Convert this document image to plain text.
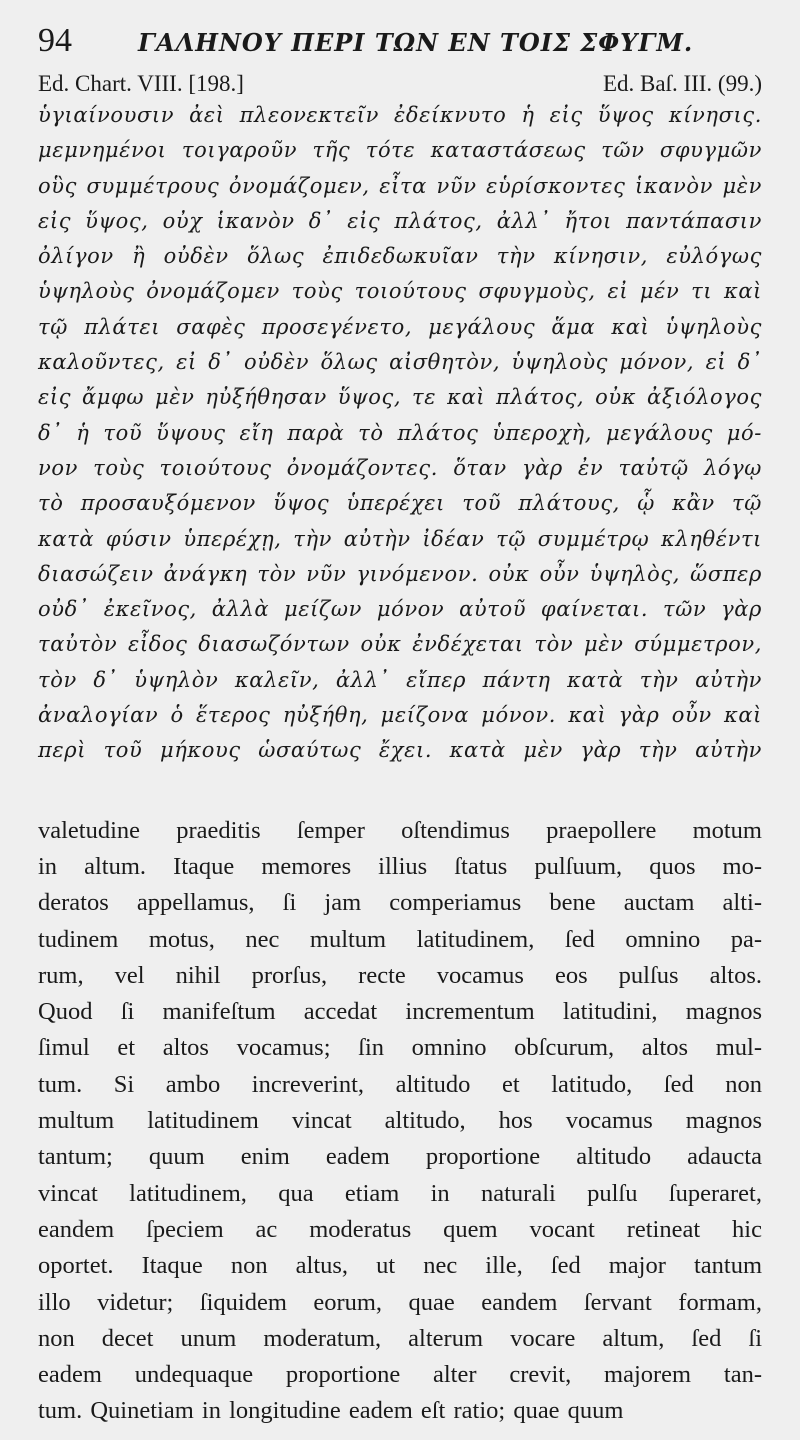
94	ΓΑΛΗΝΟΥ ΠΕΡΙ ΤΩΝ ΕΝ ΤΟΙΣ ΣΦΥΓΜ.
Ed. Chart. VIII. [198.]	Ed. Baſ. III. (99.)
ὑγιαίνουσιν ἀεὶ πλεονεκτεῖν ἐδείκνυτο ἡ εἰς ὕψος κίνησις.
μεμνημένοι τοιγαροῦν τῆς τότε καταστάσεως τῶν σφυγμῶν
οὓς συμμέτρους ὀνομάζομεν, εἶτα νῦν εὑρίσκοντες ἱκανὸν μὲν
εἰς ὕψος, οὐχ ἱκανὸν δ᾽ εἰς πλάτος, ἀλλ᾽ ἤτοι παντάπασιν
ὀλίγον ἢ οὐδὲν ὅλως ἐπιδεδωκυῖαν τὴν κίνησιν, εὐλόγως
ὑψηλοὺς ὀνομάζομεν τοὺς τοιούτους σφυγμοὺς, εἰ μέν τι καὶ
τῷ πλάτει σαφὲς προσεγένετο, μεγάλους ἅμα καὶ ὑψηλοὺς
καλοῦντες, εἰ δ᾽ οὐδὲν ὅλως αἰσθητὸν, ὑψηλοὺς μόνον, εἰ δ᾽
εἰς ἄμφω μὲν ηὐξήθησαν ὕψος, τε καὶ πλάτος, οὐκ ἀξιόλογος
δ᾽ ἡ τοῦ ὕψους εἴη παρὰ τὸ πλάτος ὑπεροχὴ, μεγάλους μό-
νον τοὺς τοιούτους ὀνομάζοντες. ὅταν γὰρ ἐν ταὐτῷ λόγῳ
τὸ προσαυξόμενον ὕψος ὑπερέχει τοῦ πλάτους, ᾧ κἂν τῷ
κατὰ φύσιν ὑπερέχῃ, τὴν αὐτὴν ἰδέαν τῷ συμμέτρῳ κληθέντι
διασώζειν ἀνάγκη τὸν νῦν γινόμενον. οὐκ οὖν ὑψηλὸς, ὥσπερ
οὐδ᾽ ἐκεῖνος, ἀλλὰ μείζων μόνον αὐτοῦ φαίνεται. τῶν γὰρ
ταὐτὸν εἶδος διασωζόντων οὐκ ἐνδέχεται τὸν μὲν σύμμετρον,
τὸν δ᾽ ὑψηλὸν καλεῖν, ἀλλ᾽ εἴπερ πάντη κατὰ τὴν αὐτὴν
ἀναλογίαν ὁ ἕτερος ηὐξήθη, μείζονα μόνον. καὶ γὰρ οὖν καὶ
περὶ τοῦ μήκους ὡσαύτως ἔχει. κατὰ μὲν γὰρ τὴν αὐτὴν
valetudine praeditis ſemper oſtendimus praepollere motum
in altum. Itaque memores illius ſtatus pulſuum, quos mo-
deratos appellamus, ſi jam comperiamus bene auctam alti-
tudinem motus, nec multum latitudinem, ſed omnino pa-
rum, vel nihil prorſus, recte vocamus eos pulſus altos.
Quod ſi manifeſtum accedat incrementum latitudini, magnos
ſimul et altos vocamus; ſin omnino obſcurum, altos mul-
tum. Si ambo increverint, altitudo et latitudo, ſed non
multum latitudinem vincat altitudo, hos vocamus magnos
tantum; quum enim eadem proportione altitudo adaucta
vincat latitudinem, qua etiam in naturali pulſu ſuperaret,
eandem ſpeciem ac moderatus quem vocant retineat hic
oportet. Itaque non altus, ut nec ille, ſed major tantum
illo videtur; ſiquidem eorum, quae eandem ſervant formam,
non decet unum moderatum, alterum vocare altum, ſed ſi
eadem undequaque proportione alter crevit, majorem tan-
tum. Quinetiam in longitudine eadem eſt ratio; quae quum
